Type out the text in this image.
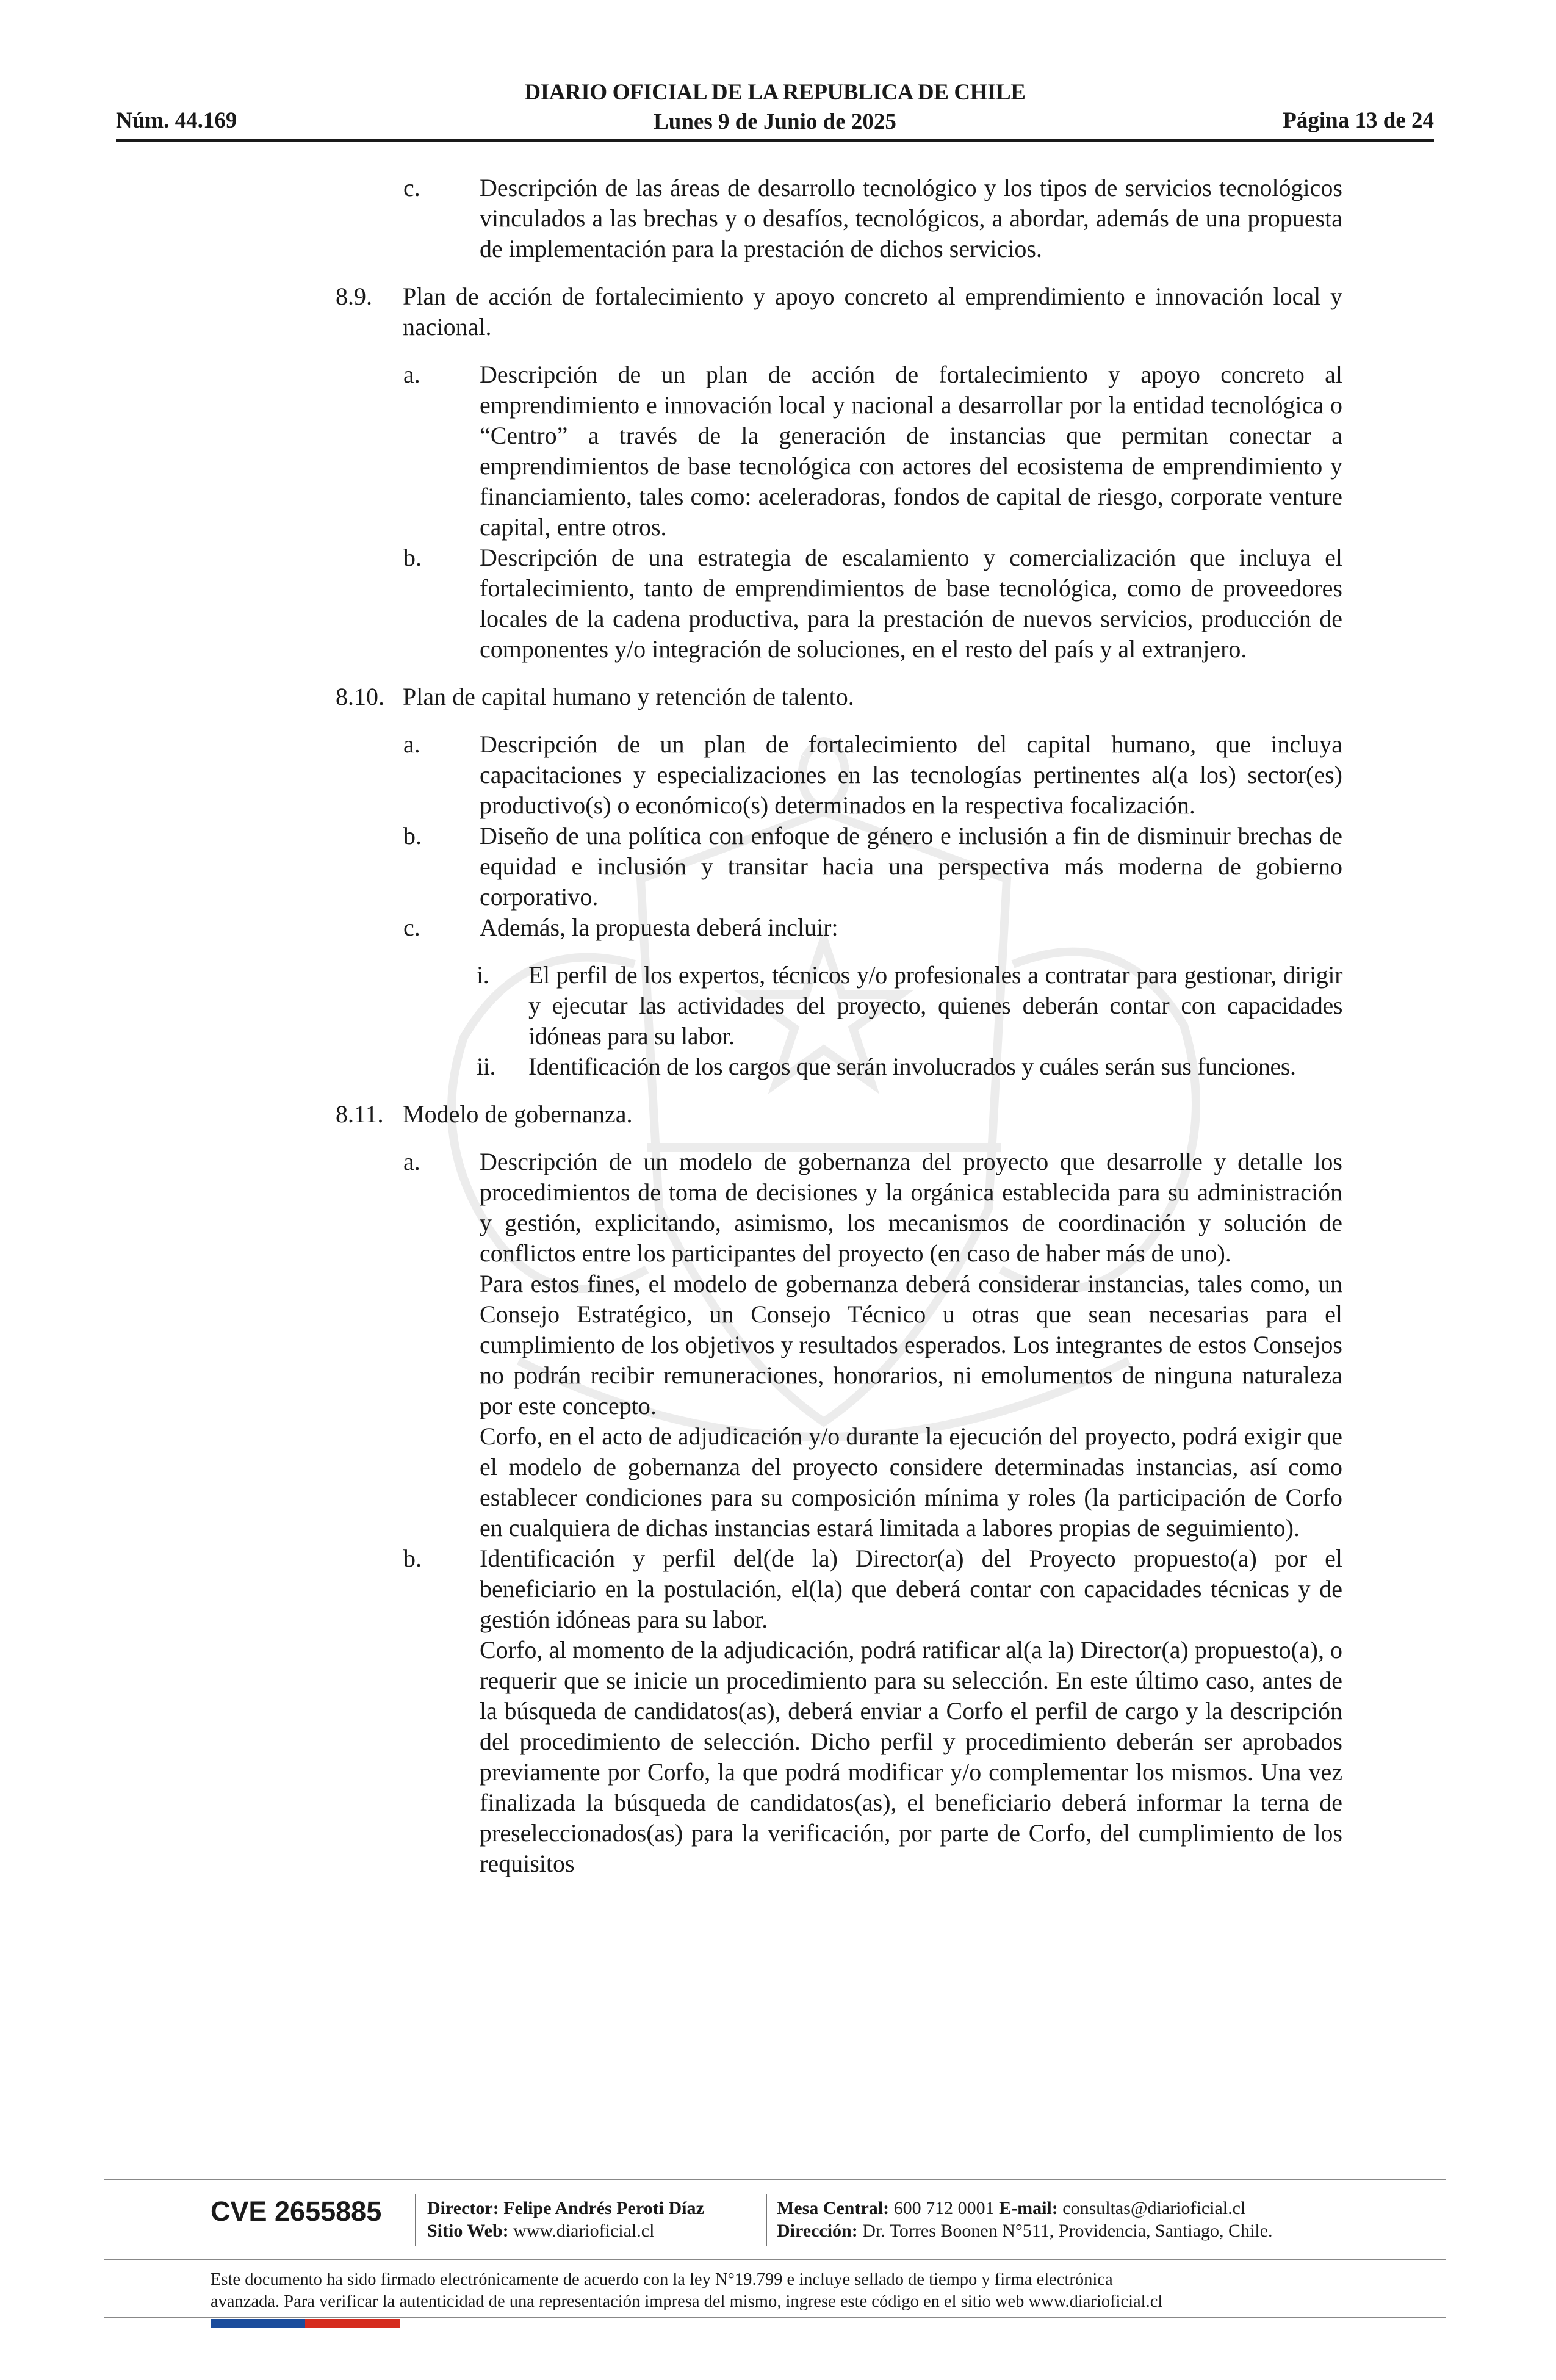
DIARIO OFICIAL DE LA REPUBLICA DE CHILE
Lunes 9 de Junio de 2025
Núm. 44.169	Página 13 de 24
c. Descripción de las áreas de desarrollo tecnológico y los tipos de servicios tecnológicos vinculados a las brechas y o desafíos, tecnológicos, a abordar, además de una propuesta de implementación para la prestación de dichos servicios.
8.9. Plan de acción de fortalecimiento y apoyo concreto al emprendimiento e innovación local y nacional.
a. Descripción de un plan de acción de fortalecimiento y apoyo concreto al emprendimiento e innovación local y nacional a desarrollar por la entidad tecnológica o “Centro” a través de la generación de instancias que permitan conectar a emprendimientos de base tecnológica con actores del ecosistema de emprendimiento y financiamiento, tales como: aceleradoras, fondos de capital de riesgo, corporate venture capital, entre otros.
b. Descripción de una estrategia de escalamiento y comercialización que incluya el fortalecimiento, tanto de emprendimientos de base tecnológica, como de proveedores locales de la cadena productiva, para la prestación de nuevos servicios, producción de componentes y/o integración de soluciones, en el resto del país y al extranjero.
8.10. Plan de capital humano y retención de talento.
a. Descripción de un plan de fortalecimiento del capital humano, que incluya capacitaciones y especializaciones en las tecnologías pertinentes al(a los) sector(es) productivo(s) o económico(s) determinados en la respectiva focalización.
b. Diseño de una política con enfoque de género e inclusión a fin de disminuir brechas de equidad e inclusión y transitar hacia una perspectiva más moderna de gobierno corporativo.
c. Además, la propuesta deberá incluir:
i. El perfil de los expertos, técnicos y/o profesionales a contratar para gestionar, dirigir y ejecutar las actividades del proyecto, quienes deberán contar con capacidades idóneas para su labor.
ii. Identificación de los cargos que serán involucrados y cuáles serán sus funciones.
8.11. Modelo de gobernanza.
a. Descripción de un modelo de gobernanza del proyecto que desarrolle y detalle los procedimientos de toma de decisiones y la orgánica establecida para su administración y gestión, explicitando, asimismo, los mecanismos de coordinación y solución de conflictos entre los participantes del proyecto (en caso de haber más de uno).
Para estos fines, el modelo de gobernanza deberá considerar instancias, tales como, un Consejo Estratégico, un Consejo Técnico u otras que sean necesarias para el cumplimiento de los objetivos y resultados esperados. Los integrantes de estos Consejos no podrán recibir remuneraciones, honorarios, ni emolumentos de ninguna naturaleza por este concepto.
Corfo, en el acto de adjudicación y/o durante la ejecución del proyecto, podrá exigir que el modelo de gobernanza del proyecto considere determinadas instancias, así como establecer condiciones para su composición mínima y roles (la participación de Corfo en cualquiera de dichas instancias estará limitada a labores propias de seguimiento).
b. Identificación y perfil del(de la) Director(a) del Proyecto propuesto(a) por el beneficiario en la postulación, el(la) que deberá contar con capacidades técnicas y de gestión idóneas para su labor.
Corfo, al momento de la adjudicación, podrá ratificar al(a la) Director(a) propuesto(a), o requerir que se inicie un procedimiento para su selección. En este último caso, antes de la búsqueda de candidatos(as), deberá enviar a Corfo el perfil de cargo y la descripción del procedimiento de selección. Dicho perfil y procedimiento deberán ser aprobados previamente por Corfo, la que podrá modificar y/o complementar los mismos. Una vez finalizada la búsqueda de candidatos(as), el beneficiario deberá informar la terna de preseleccionados(as) para la verificación, por parte de Corfo, del cumplimiento de los requisitos
CVE 2655885 Director: Felipe Andrés Peroti Díaz
Sitio Web: www.diarioficial.cl
Mesa Central: 600 712 0001 E-mail: consultas@diarioficial.cl
Dirección: Dr. Torres Boonen N°511, Providencia, Santiago, Chile.
Este documento ha sido firmado electrónicamente de acuerdo con la ley N°19.799 e incluye sellado de tiempo y firma electrónica
avanzada. Para verificar la autenticidad de una representación impresa del mismo, ingrese este código en el sitio web www.diarioficial.cl
